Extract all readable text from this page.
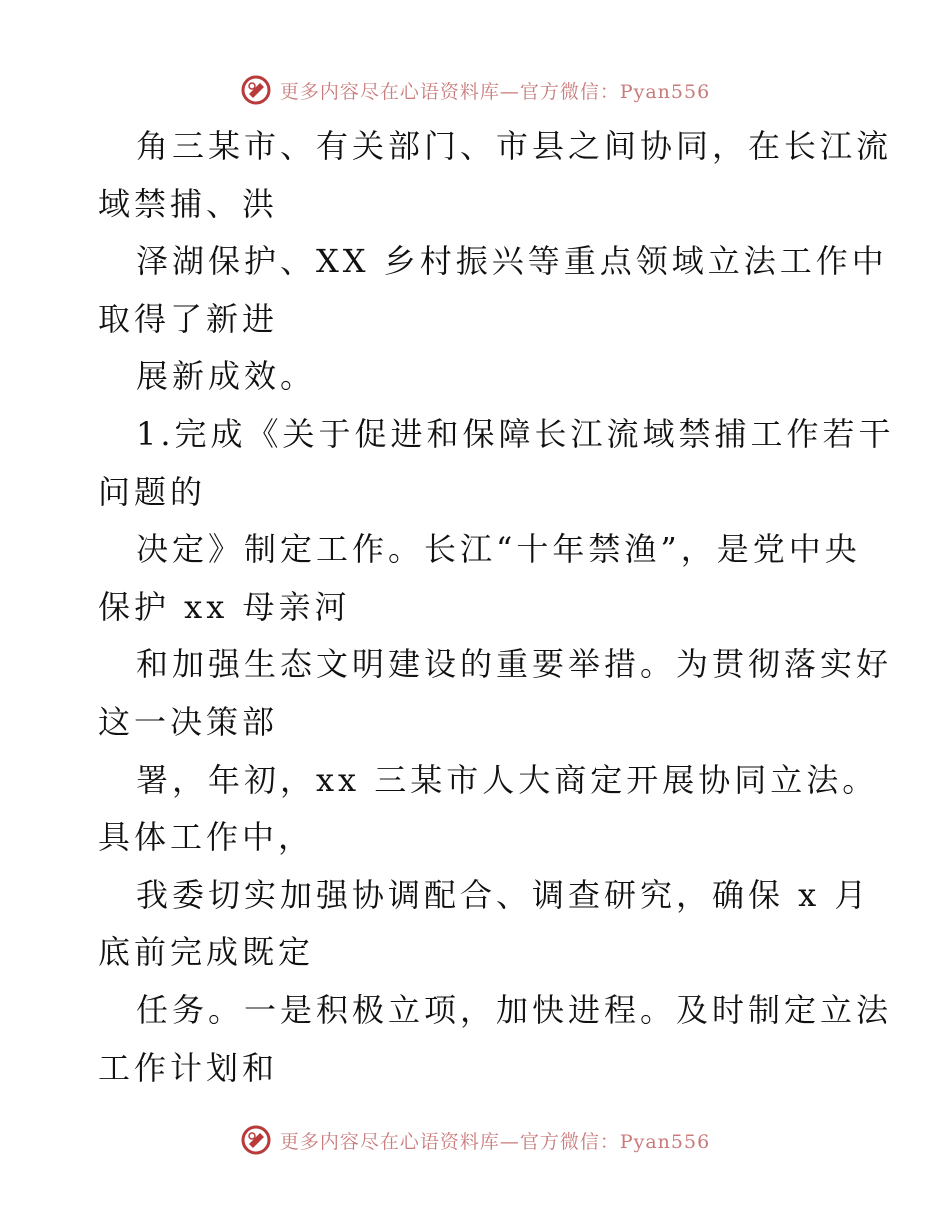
更多内容尽在心语资料库—官方微信：Pyan556
角三某市、有关部门、市县之间协同，在长江流
域禁捕、洪
泽湖保护、XX 乡村振兴等重点领域立法工作中
取得了新进
展新成效。
1.完成《关于促进和保障长江流域禁捕工作若干
问题的
决定》制定工作。长江“十年禁渔”，是党中央
保护 xx 母亲河
和加强生态文明建设的重要举措。为贯彻落实好
这一决策部
署，年初，xx 三某市人大商定开展协同立法。
具体工作中，
我委切实加强协调配合、调查研究，确保 x 月
底前完成既定
任务。一是积极立项，加快进程。及时制定立法
工作计划和
更多内容尽在心语资料库—官方微信：Pyan556
